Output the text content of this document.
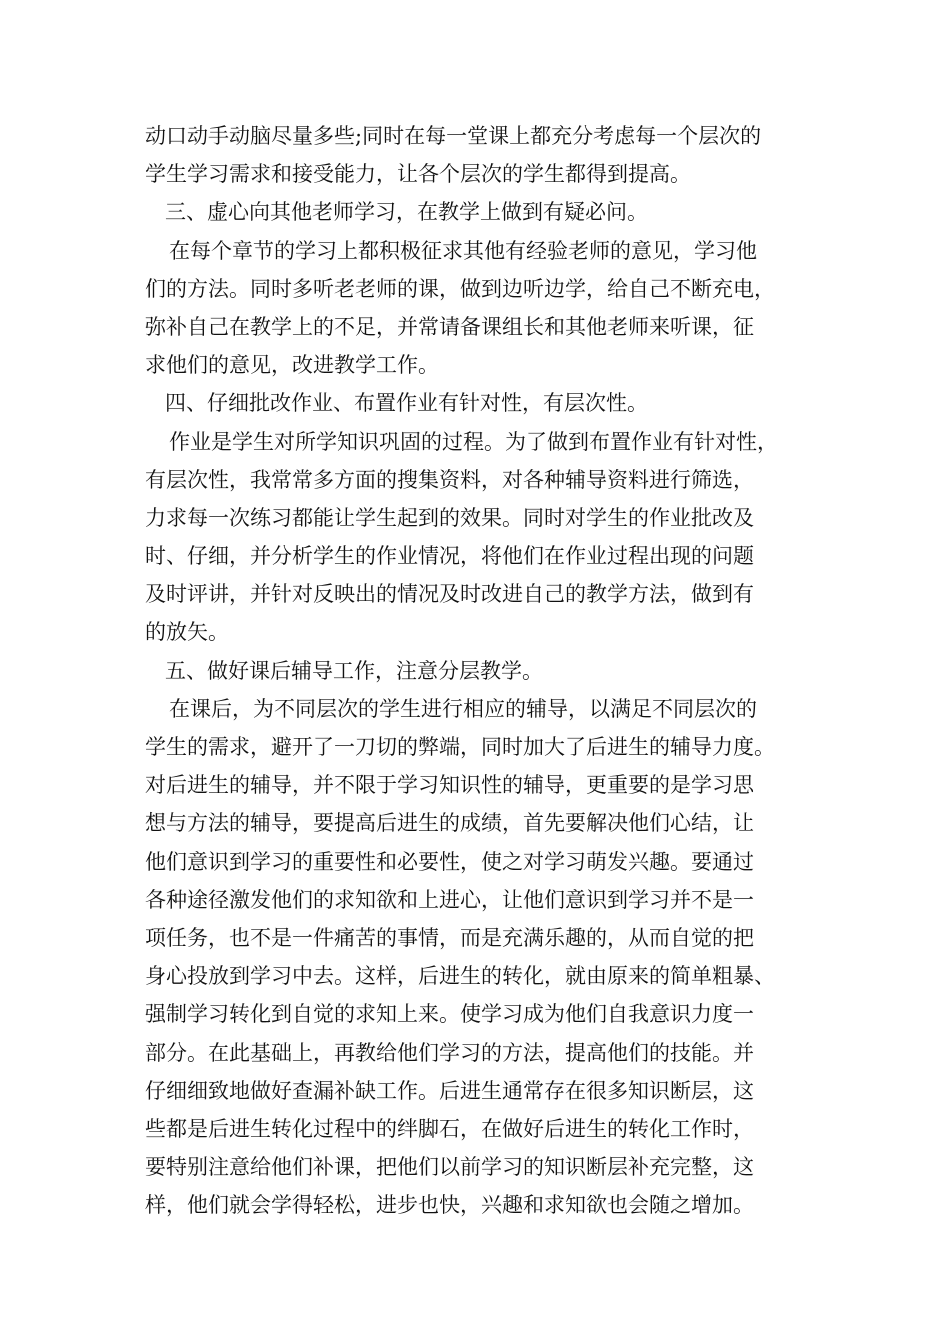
动口动手动脑尽量多些;同时在每一堂课上都充分考虑每一个层次的
学生学习需求和接受能力，让各个层次的学生都得到提高。
三、虚心向其他老师学习，在教学上做到有疑必问。
在每个章节的学习上都积极征求其他有经验老师的意见，学习他
们的方法。同时多听老老师的课，做到边听边学，给自己不断充电，
弥补自己在教学上的不足，并常请备课组长和其他老师来听课，征
求他们的意见，改进教学工作。
四、仔细批改作业、布置作业有针对性，有层次性。
作业是学生对所学知识巩固的过程。为了做到布置作业有针对性，
有层次性，我常常多方面的搜集资料，对各种辅导资料进行筛选，
力求每一次练习都能让学生起到的效果。同时对学生的作业批改及
时、仔细，并分析学生的作业情况，将他们在作业过程出现的问题
及时评讲，并针对反映出的情况及时改进自己的教学方法，做到有
的放矢。
五、做好课后辅导工作，注意分层教学。
在课后，为不同层次的学生进行相应的辅导，以满足不同层次的
学生的需求，避开了一刀切的弊端，同时加大了后进生的辅导力度。
对后进生的辅导，并不限于学习知识性的辅导，更重要的是学习思
想与方法的辅导，要提高后进生的成绩，首先要解决他们心结，让
他们意识到学习的重要性和必要性，使之对学习萌发兴趣。要通过
各种途径激发他们的求知欲和上进心，让他们意识到学习并不是一
项任务，也不是一件痛苦的事情，而是充满乐趣的，从而自觉的把
身心投放到学习中去。这样，后进生的转化，就由原来的简单粗暴、
强制学习转化到自觉的求知上来。使学习成为他们自我意识力度一
部分。在此基础上，再教给他们学习的方法，提高他们的技能。并
仔细细致地做好查漏补缺工作。后进生通常存在很多知识断层，这
些都是后进生转化过程中的绊脚石，在做好后进生的转化工作时，
要特别注意给他们补课，把他们以前学习的知识断层补充完整，这
样，他们就会学得轻松，进步也快，兴趣和求知欲也会随之增加。
